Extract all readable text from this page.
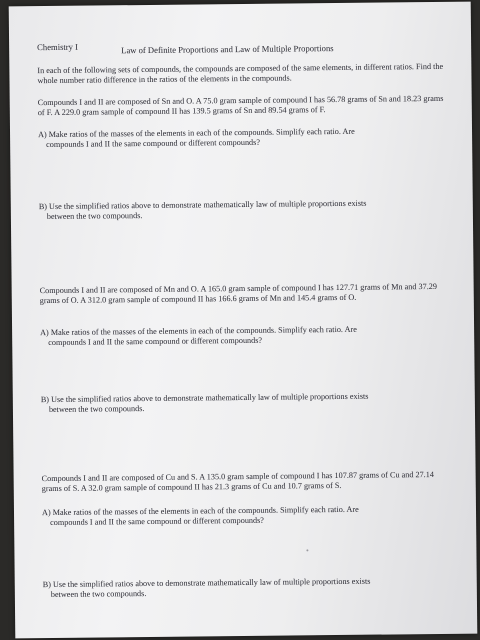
Chemistry I	Law of Definite Proportions and Law of Multiple Proportions

In each of the following sets of compounds, the compounds are composed of the same elements, in different ratios. Find the whole number ratio difference in the ratios of the elements in the compounds.

Compounds I and II are composed of Sn and O. A 75.0 gram sample of compound I has 56.78 grams of Sn and 18.23 grams of F. A 229.0 gram sample of compound II has 139.5 grams of Sn and 89.54 grams of F.

A) Make ratios of the masses of the elements in each of the compounds. Simplify each ratio. Are
compounds I and II the same compound or different compounds?

B) Use the simplified ratios above to demonstrate mathematically law of multiple proportions exists
between the two compounds.

Compounds I and II are composed of Mn and O. A 165.0 gram sample of compound I has 127.71 grams of Mn and 37.29 grams of O. A 312.0 gram sample of compound II has 166.6 grams of Mn and 145.4 grams of O.

A) Make ratios of the masses of the elements in each of the compounds. Simplify each ratio. Are
compounds I and II the same compound or different compounds?

B) Use the simplified ratios above to demonstrate mathematically law of multiple proportions exists
between the two compounds.

Compounds I and II are composed of Cu and S. A 135.0 gram sample of compound I has 107.87 grams of Cu and 27.14 grams of S. A 32.0 gram sample of compound II has 21.3 grams of Cu and 10.7 grams of S.

A) Make ratios of the masses of the elements in each of the compounds. Simplify each ratio. Are
compounds I and II the same compound or different compounds?

B) Use the simplified ratios above to demonstrate mathematically law of multiple proportions exists
between the two compounds.
